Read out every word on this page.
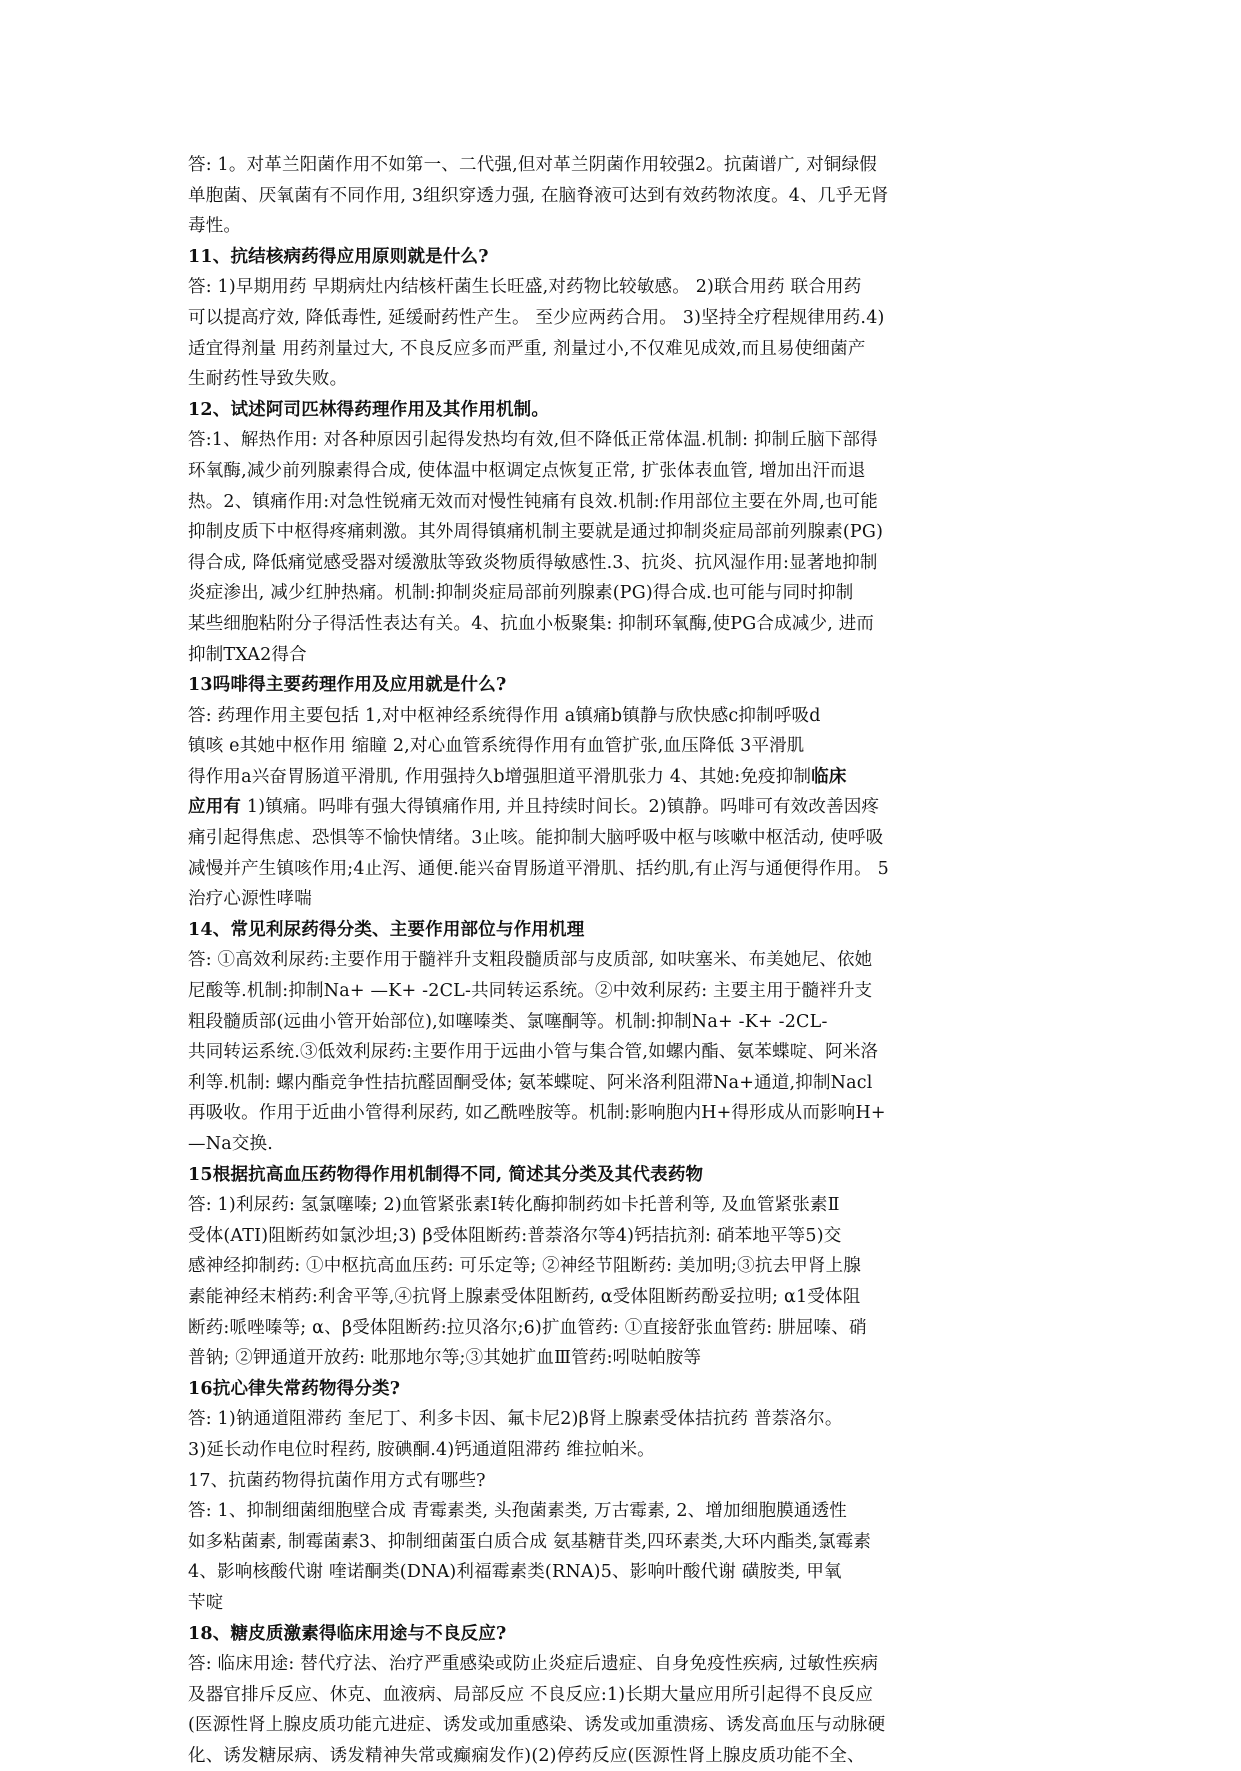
答: 1。对革兰阳菌作用不如第一、二代强,但对革兰阴菌作用较强2。抗菌谱广, 对铜绿假
单胞菌、厌氧菌有不同作用, 3组织穿透力强, 在脑脊液可达到有效药物浓度。4、几乎无肾
毒性。
11、抗结核病药得应用原则就是什么?
答: 1)早期用药 早期病灶内结核杆菌生长旺盛,对药物比较敏感。 2)联合用药 联合用药
可以提高疗效, 降低毒性, 延缓耐药性产生。 至少应两药合用。 3)坚持全疗程规律用药.4)
适宜得剂量 用药剂量过大, 不良反应多而严重, 剂量过小,不仅难见成效,而且易使细菌产
生耐药性导致失败。
12、试述阿司匹林得药理作用及其作用机制。
答:1、解热作用: 对各种原因引起得发热均有效,但不降低正常体温.机制: 抑制丘脑下部得
环氧酶,减少前列腺素得合成, 使体温中枢调定点恢复正常, 扩张体表血管, 增加出汗而退
热。2、镇痛作用:对急性锐痛无效而对慢性钝痛有良效.机制:作用部位主要在外周,也可能
抑制皮质下中枢得疼痛刺激。其外周得镇痛机制主要就是通过抑制炎症局部前列腺素(PG)
得合成, 降低痛觉感受器对缓激肽等致炎物质得敏感性.3、抗炎、抗风湿作用:显著地抑制
炎症渗出, 减少红肿热痛。机制:抑制炎症局部前列腺素(PG)得合成.也可能与同时抑制
某些细胞粘附分子得活性表达有关。4、抗血小板聚集: 抑制环氧酶,使PG合成减少, 进而
抑制TXA2得合
13吗啡得主要药理作用及应用就是什么?
答: 药理作用主要包括 1,对中枢神经系统得作用 a镇痛b镇静与欣快感c抑制呼吸d
镇咳 e其她中枢作用 缩瞳 2,对心血管系统得作用有血管扩张,血压降低 3平滑肌
得作用a兴奋胃肠道平滑肌, 作用强持久b增强胆道平滑肌张力 4、其她:免疫抑制临床
应用有 1)镇痛。吗啡有强大得镇痛作用, 并且持续时间长。2)镇静。吗啡可有效改善因疼
痛引起得焦虑、恐惧等不愉快情绪。3止咳。能抑制大脑呼吸中枢与咳嗽中枢活动, 使呼吸
减慢并产生镇咳作用;4止泻、通便.能兴奋胃肠道平滑肌、括约肌,有止泻与通便得作用。 5
治疗心源性哮喘
14、常见利尿药得分类、主要作用部位与作用机理
答: ①高效利尿药:主要作用于髓袢升支粗段髓质部与皮质部, 如呋塞米、布美她尼、依她
尼酸等.机制:抑制Na+ —K+ -2CL-共同转运系统。②中效利尿药: 主要主用于髓袢升支
粗段髓质部(远曲小管开始部位),如噻嗪类、氯噻酮等。机制:抑制Na+ -K+ -2CL-
共同转运系统.③低效利尿药:主要作用于远曲小管与集合管,如螺内酯、氨苯蝶啶、阿米洛
利等.机制: 螺内酯竞争性拮抗醛固酮受体; 氨苯蝶啶、阿米洛利阻滞Na+通道,抑制Nacl
再吸收。作用于近曲小管得利尿药, 如乙酰唑胺等。机制:影响胞内H+得形成从而影响H+
—Na交换.
15根据抗高血压药物得作用机制得不同, 简述其分类及其代表药物
答: 1)利尿药: 氢氯噻嗪; 2)血管紧张素Ⅰ转化酶抑制药如卡托普利等, 及血管紧张素Ⅱ
受体(ATⅠ)阻断药如氯沙坦;3) β受体阻断药:普萘洛尔等4)钙拮抗剂: 硝苯地平等5)交
感神经抑制药: ①中枢抗高血压药: 可乐定等; ②神经节阻断药: 美加明;③抗去甲肾上腺
素能神经末梢药:利舍平等,④抗肾上腺素受体阻断药, α受体阻断药酚妥拉明; α1受体阻
断药:哌唑嗪等; α、β受体阻断药:拉贝洛尔;6)扩血管药: ①直接舒张血管药: 肼屈嗪、硝
普钠; ②钾通道开放药: 吡那地尔等;③其她扩血Ⅲ管药:吲哒帕胺等
16抗心律失常药物得分类?
答: 1)钠通道阻滞药 奎尼丁、利多卡因、氟卡尼2)β肾上腺素受体拮抗药 普萘洛尔。
3)延长动作电位时程药, 胺碘酮.4)钙通道阻滞药 维拉帕米。
17、抗菌药物得抗菌作用方式有哪些?
答: 1、抑制细菌细胞壁合成 青霉素类, 头孢菌素类, 万古霉素, 2、增加细胞膜通透性
如多粘菌素, 制霉菌素3、抑制细菌蛋白质合成 氨基糖苷类,四环素类,大环内酯类,氯霉素
4、影响核酸代谢 喹诺酮类(DNA)利福霉素类(RNA)5、影响叶酸代谢 磺胺类, 甲氧
苄啶
18、糖皮质激素得临床用途与不良反应?
答: 临床用途: 替代疗法、治疗严重感染或防止炎症后遗症、自身免疫性疾病, 过敏性疾病
及器官排斥反应、休克、血液病、局部反应 不良反应:1)长期大量应用所引起得不良反应
(医源性肾上腺皮质功能亢进症、诱发或加重感染、诱发或加重溃疡、诱发高血压与动脉硬
化、诱发糖尿病、诱发精神失常或癫痫发作)(2)停药反应(医源性肾上腺皮质功能不全、
